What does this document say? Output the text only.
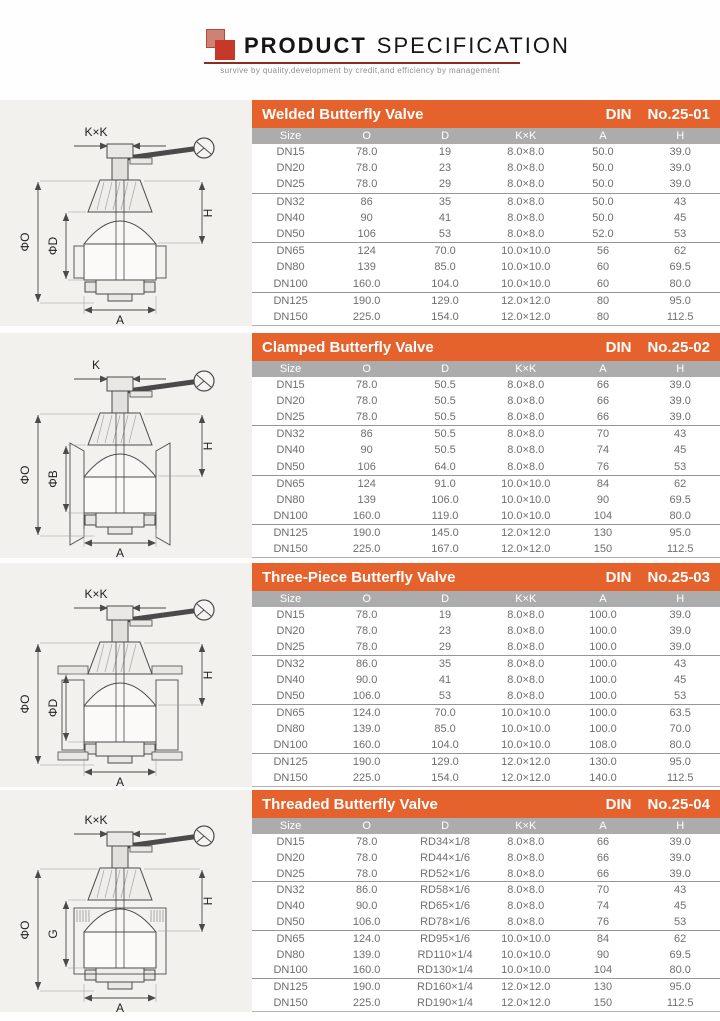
PRODUCT SPECIFICATION
survive by quality,development by credit,and efficiency by management
K×K
ΦO ΦD
H
A
Welded Butterfly Valve	DIN No.25-01
Size	O	D	K×K	A	H
DN15	78.0	19	8.0×8.0	50.0	39.0
DN20	78.0	23	8.0×8.0	50.0	39.0
DN25	78.0	29	8.0×8.0	50.0	39.0
DN32	86	35	8.0×8.0	50.0	43
DN40	90	41	8.0×8.0	50.0	45
DN50	106	53	8.0×8.0	52.0	53
DN65	124	70.0	10.0×10.0	56	62
DN80	139	85.0	10.0×10.0	60	69.5
DN100	160.0	104.0	10.0×10.0	60	80.0
DN125	190.0	129.0	12.0×12.0	80	95.0
DN150	225.0	154.0	12.0×12.0	80	112.5
K
ΦO ΦB
H
A
Clamped Butterfly Valve	DIN No.25-02
Size	O	D	K×K	A	H
DN15	78.0	50.5	8.0×8.0	66	39.0
DN20	78.0	50.5	8.0×8.0	66	39.0
DN25	78.0	50.5	8.0×8.0	66	39.0
DN32	86	50.5	8.0×8.0	70	43
DN40	90	50.5	8.0×8.0	74	45
DN50	106	64.0	8.0×8.0	76	53
DN65	124	91.0	10.0×10.0	84	62
DN80	139	106.0	10.0×10.0	90	69.5
DN100	160.0	119.0	10.0×10.0	104	80.0
DN125	190.0	145.0	12.0×12.0	130	95.0
DN150	225.0	167.0	12.0×12.0	150	112.5
K×K
ΦO ΦD
H
A
Three-Piece Butterfly Valve	DIN No.25-03
Size	O	D	K×K	A	H
DN15	78.0	19	8.0×8.0	100.0	39.0
DN20	78.0	23	8.0×8.0	100.0	39.0
DN25	78.0	29	8.0×8.0	100.0	39.0
DN32	86.0	35	8.0×8.0	100.0	43
DN40	90.0	41	8.0×8.0	100.0	45
DN50	106.0	53	8.0×8.0	100.0	53
DN65	124.0	70.0	10.0×10.0	100.0	63.5
DN80	139.0	85.0	10.0×10.0	100.0	70.0
DN100	160.0	104.0	10.0×10.0	108.0	80.0
DN125	190.0	129.0	12.0×12.0	130.0	95.0
DN150	225.0	154.0	12.0×12.0	140.0	112.5
K×K
ΦO G
H
A
Threaded Butterfly Valve	DIN No.25-04
Size	O	D	K×K	A	H
DN15	78.0	RD34×1/8	8.0×8.0	66	39.0
DN20	78.0	RD44×1/6	8.0×8.0	66	39.0
DN25	78.0	RD52×1/6	8.0×8.0	66	39.0
DN32	86.0	RD58×1/6	8.0×8.0	70	43
DN40	90.0	RD65×1/6	8.0×8.0	74	45
DN50	106.0	RD78×1/6	8.0×8.0	76	53
DN65	124.0	RD95×1/6	10.0×10.0	84	62
DN80	139.0	RD110×1/4	10.0×10.0	90	69.5
DN100	160.0	RD130×1/4	10.0×10.0	104	80.0
DN125	190.0	RD160×1/4	12.0×12.0	130	95.0
DN150	225.0	RD190×1/4	12.0×12.0	150	112.5
